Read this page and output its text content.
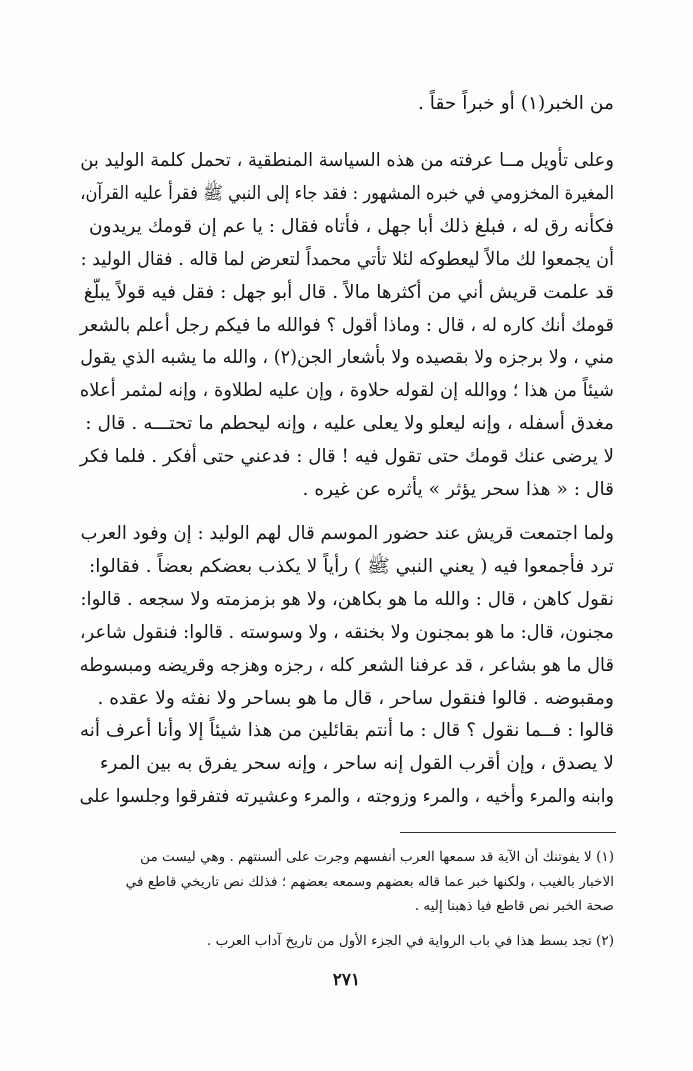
من الخبر(١) أو خبراً حقاً .
وعلى تأويل مــا عرفته من هذه السياسة المنطقية ، تحمل كلمة الوليد بن
المغيرة المخزومي في خبره المشهور : فقد جاء إلى النبي ﷺ فقرأ عليه القرآن،
فكأنه رق له ، فبلغ ذلك أبا جهل ، فأتاه فقال : يا عم إن قومك يريدون
أن يجمعوا لك مالاً ليعطوكه لئلا تأتي محمداً لتعرض لما قاله . فقال الوليد :
قد علمت قريش أني من أكثرها مالاً . قال أبو جهل : فقل فيه قولاً يبلّغ
قومك أنك كاره له ، قال : وماذا أقول ؟ فوالله ما فيكم رجل أعلم بالشعر
مني ، ولا برجزه ولا بقصيده ولا بأشعار الجن(٢) ، والله ما يشبه الذي يقول
شيئاً من هذا ؛ ووالله إن لقوله حلاوة ، وإن عليه لطلاوة ، وإنه لمثمر أعلاه
مغدق أسفله ، وإنه ليعلو ولا يعلى عليه ، وإنه ليحطم ما تحتـــه . قال :
لا يرضى عنك قومك حتى تقول فيه ! قال : فدعني حتى أفكر . فلما فكر
قال : « هذا سحر يؤثر » يأثره عن غيره .
ولما اجتمعت قريش عند حضور الموسم قال لهم الوليد : إن وفود العرب
ترد فأجمعوا فيه ( يعني النبي ﷺ ) رأياً لا يكذب بعضكم بعضاً . فقالوا:
نقول كاهن ، قال : والله ما هو بكاهن، ولا هو بزمزمته ولا سجعه . قالوا:
مجنون، قال: ما هو بمجنون ولا بخنقه ، ولا وسوسته . قالوا: فنقول شاعر،
قال ما هو بشاعر ، قد عرفنا الشعر كله ، رجزه وهزجه وقريضه ومبسوطه
ومقبوضه . قالوا فنقول ساحر ، قال ما هو بساحر ولا نفثه ولا عقده .
قالوا : فــما نقول ؟ قال : ما أنتم بقائلين من هذا شيئاً إلا وأنا أعرف أنه
لا يصدق ، وإن أقرب القول إنه ساحر ، وإنه سحر يفرق به بين المرء
وابنه والمرء وأخيه ، والمرء وزوجته ، والمرء وعشيرته فتفرقوا وجلسوا على
(١) لا يفوتنك أن الآية قد سمعها العرب أنفسهم وجرت على ألسنتهم . وهي ليست من
الاخبار بالغيب ، ولكنها خبر عما قاله بعضهم وسمعه بعضهم ؛ فذلك نص تاريخي قاطع في
صحة الخبر نص قاطع فيا ذهبنا إليه .
(٢) تجد بسط هذا في باب الرواية في الجزء الأول من تاريخ آداب العرب .
٢٧١
